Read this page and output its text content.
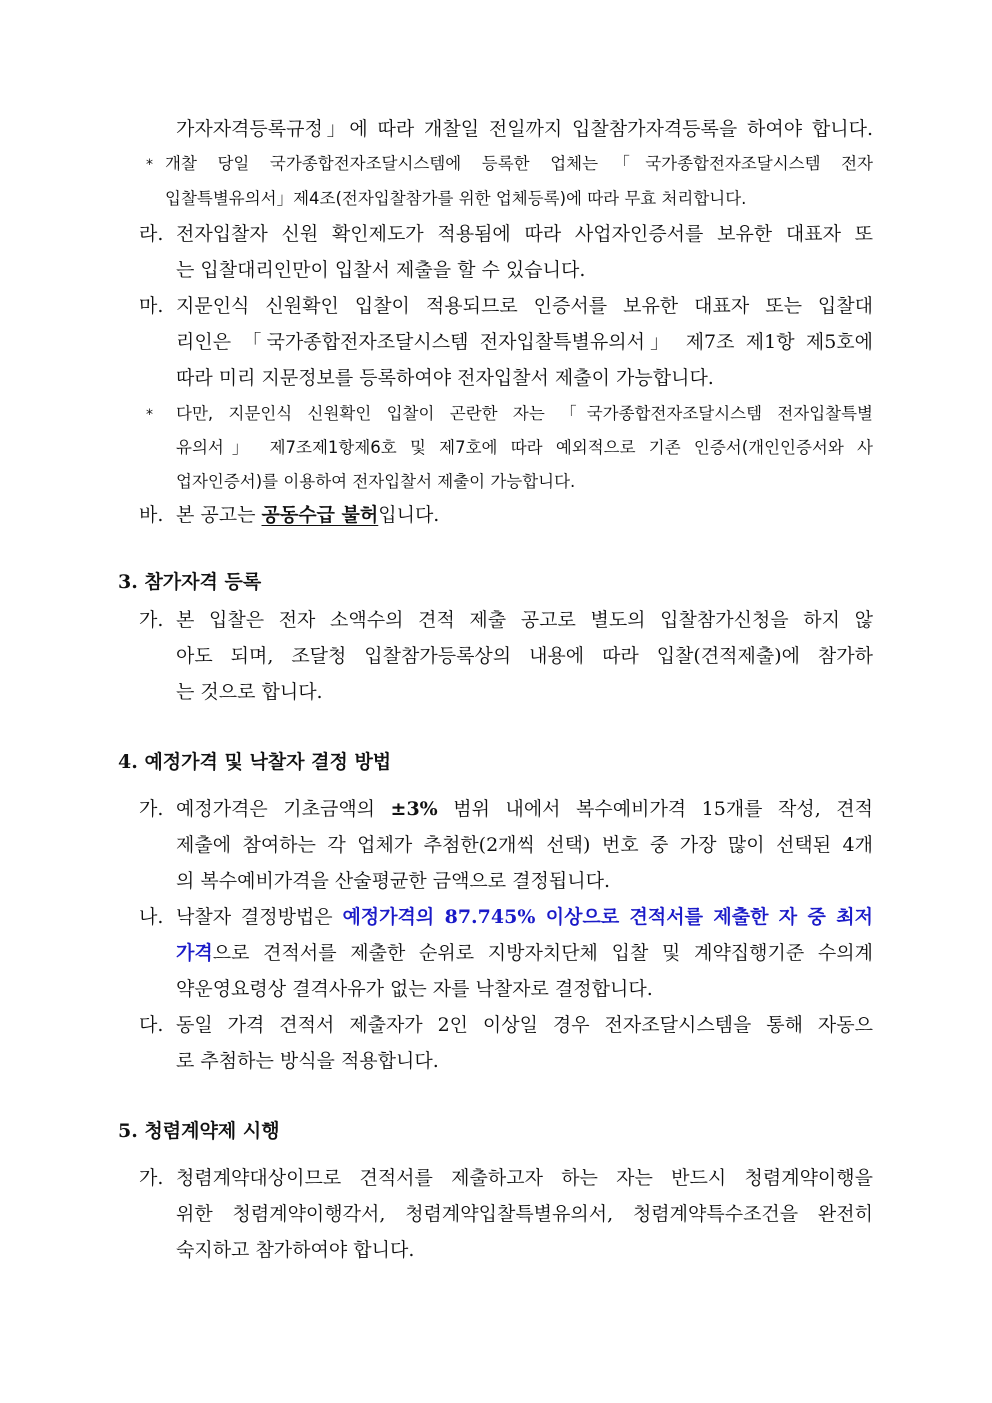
가자자격등록규정」에 따라 개찰일 전일까지 입찰참가자격등록을 하여야 합니다.
* 개찰 당일 국가종합전자조달시스템에 등록한 업체는「국가종합전자조달시스템 전자
입찰특별유의서」제4조(전자입찰참가를 위한 업체등록)에 따라 무효 처리합니다.
라. 전자입찰자 신원 확인제도가 적용됨에 따라 사업자인증서를 보유한 대표자 또
는 입찰대리인만이 입찰서 제출을 할 수 있습니다.
마. 지문인식 신원확인 입찰이 적용되므로 인증서를 보유한 대표자 또는 입찰대
리인은 「국가종합전자조달시스템 전자입찰특별유의서」 제7조 제1항 제5호에
따라 미리 지문정보를 등록하여야 전자입찰서 제출이 가능합니다.
* 다만, 지문인식 신원확인 입찰이 곤란한 자는 「국가종합전자조달시스템 전자입찰특별
유의서」 제7조제1항제6호 및 제7호에 따라 예외적으로 기존 인증서(개인인증서와 사
업자인증서)를 이용하여 전자입찰서 제출이 가능합니다.
바. 본 공고는 공동수급 불허입니다.
3. 참가자격 등록
가. 본 입찰은 전자 소액수의 견적 제출 공고로 별도의 입찰참가신청을 하지 않
아도 되며, 조달청 입찰참가등록상의 내용에 따라 입찰(견적제출)에 참가하
는 것으로 합니다.
4. 예정가격 및 낙찰자 결정 방법
가. 예정가격은 기초금액의 ±3% 범위 내에서 복수예비가격 15개를 작성, 견적
제출에 참여하는 각 업체가 추첨한(2개씩 선택) 번호 중 가장 많이 선택된 4개
의 복수예비가격을 산술평균한 금액으로 결정됩니다.
나. 낙찰자 결정방법은 예정가격의 87.745% 이상으로 견적서를 제출한 자 중 최저
가격으로 견적서를 제출한 순위로 지방자치단체 입찰 및 계약집행기준 수의계
약운영요령상 결격사유가 없는 자를 낙찰자로 결정합니다.
다. 동일 가격 견적서 제출자가 2인 이상일 경우 전자조달시스템을 통해 자동으
로 추첨하는 방식을 적용합니다.
5. 청렴계약제 시행
가. 청렴계약대상이므로 견적서를 제출하고자 하는 자는 반드시 청렴계약이행을
위한 청렴계약이행각서, 청렴계약입찰특별유의서, 청렴계약특수조건을 완전히
숙지하고 참가하여야 합니다.
